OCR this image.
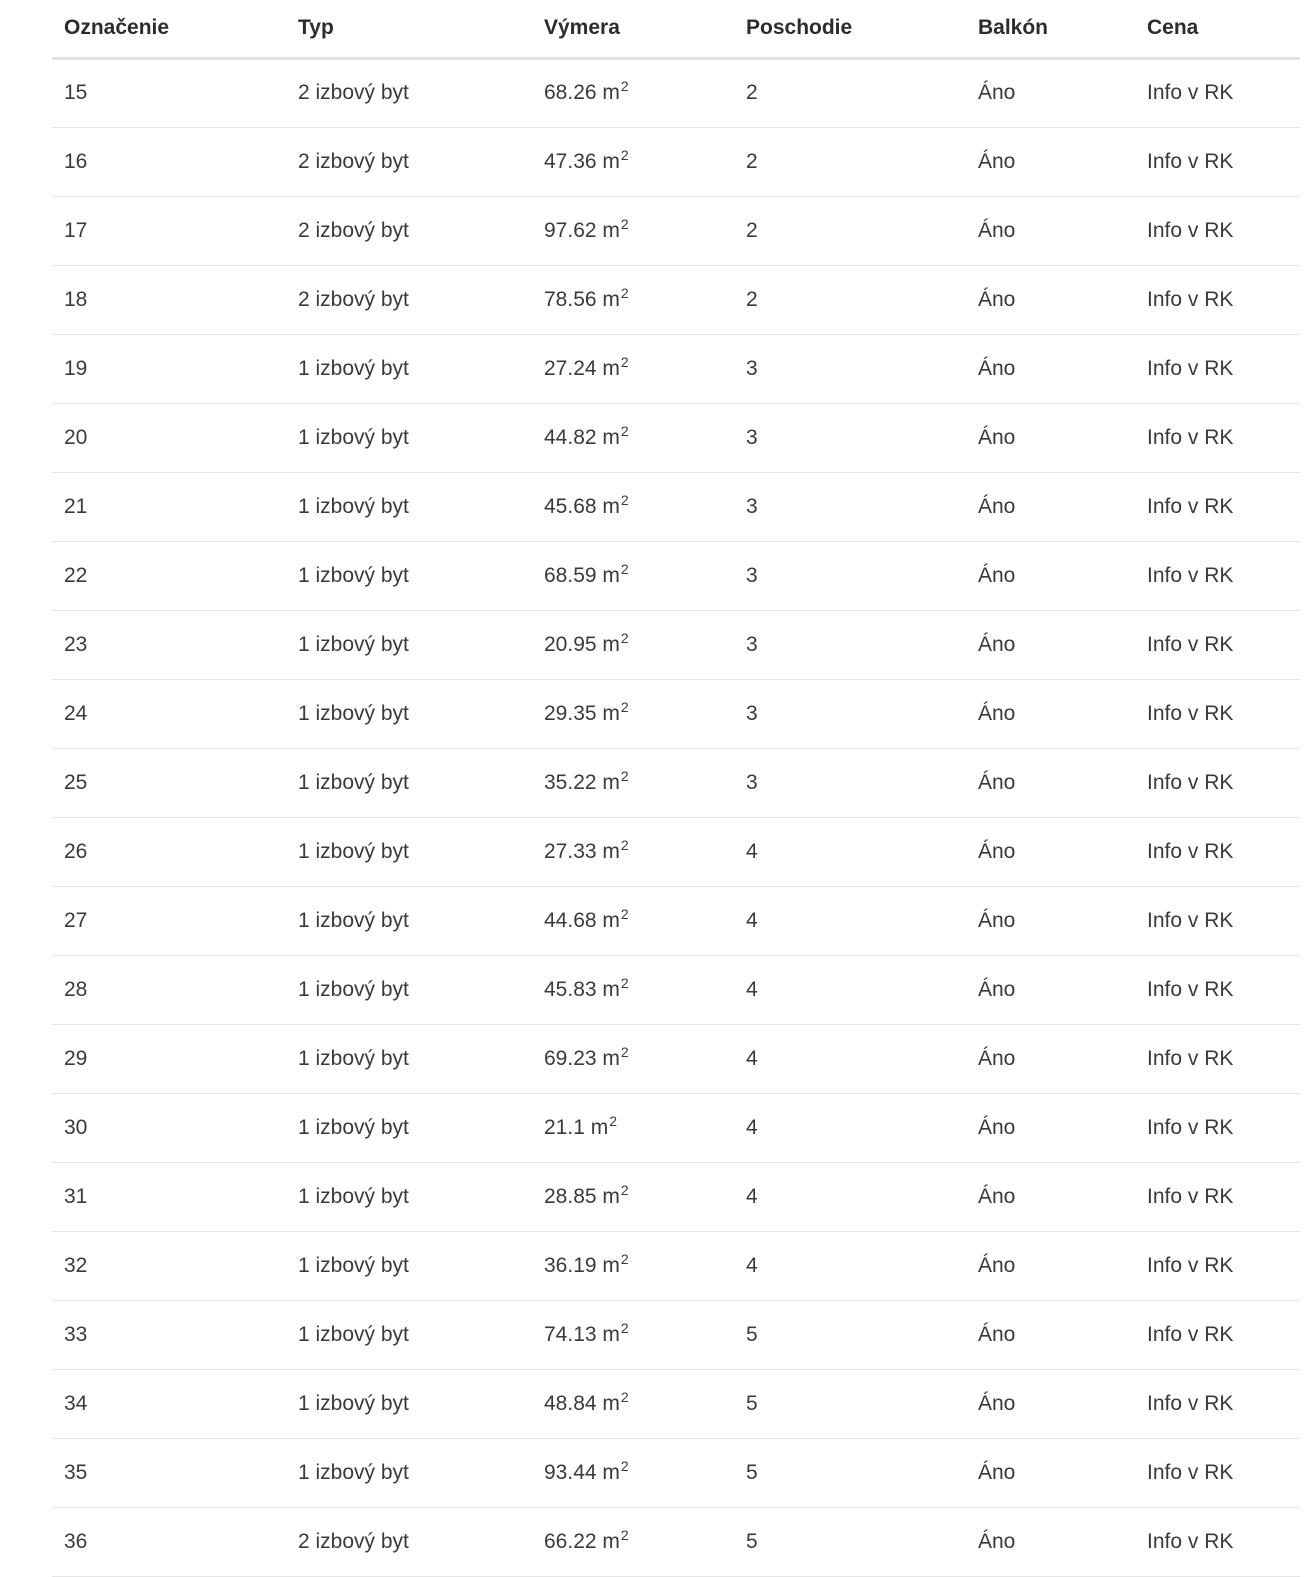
Označenie	Typ	Výmera	Poschodie	Balkón	Cena
15	2 izbový byt	68.26 $m^2$	2	Áno	Info v RK
16	2 izbový byt	47.36 $m^2$	2	Áno	Info v RK
17	2 izbový byt	97.62 $m^2$	2	Áno	Info v RK
18	2 izbový byt	78.56 $m^2$	2	Áno	Info v RK
19	1 izbový byt	27.24 $m^2$	3	Áno	Info v RK
20	1 izbový byt	44.82 $m^2$	3	Áno	Info v RK
21	1 izbový byt	45.68 $m^2$	3	Áno	Info v RK
22	1 izbový byt	68.59 $m^2$	3	Áno	Info v RK
23	1 izbový byt	20.95 $m^2$	3	Áno	Info v RK
24	1 izbový byt	29.35 $m^2$	3	Áno	Info v RK
25	1 izbový byt	35.22 $m^2$	3	Áno	Info v RK
26	1 izbový byt	27.33 $m^2$	4	Áno	Info v RK
27	1 izbový byt	44.68 $m^2$	4	Áno	Info v RK
28	1 izbový byt	45.83 $m^2$	4	Áno	Info v RK
29	1 izbový byt	69.23 $m^2$	4	Áno	Info v RK
30	1 izbový byt	21.1 $m^2$	4	Áno	Info v RK
31	1 izbový byt	28.85 $m^2$	4	Áno	Info v RK
32	1 izbový byt	36.19 $m^2$	4	Áno	Info v RK
33	1 izbový byt	74.13 $m^2$	5	Áno	Info v RK
34	1 izbový byt	48.84 $m^2$	5	Áno	Info v RK
35	1 izbový byt	93.44 $m^2$	5	Áno	Info v RK
36	2 izbový byt	66.22 $m^2$	5	Áno	Info v RK
